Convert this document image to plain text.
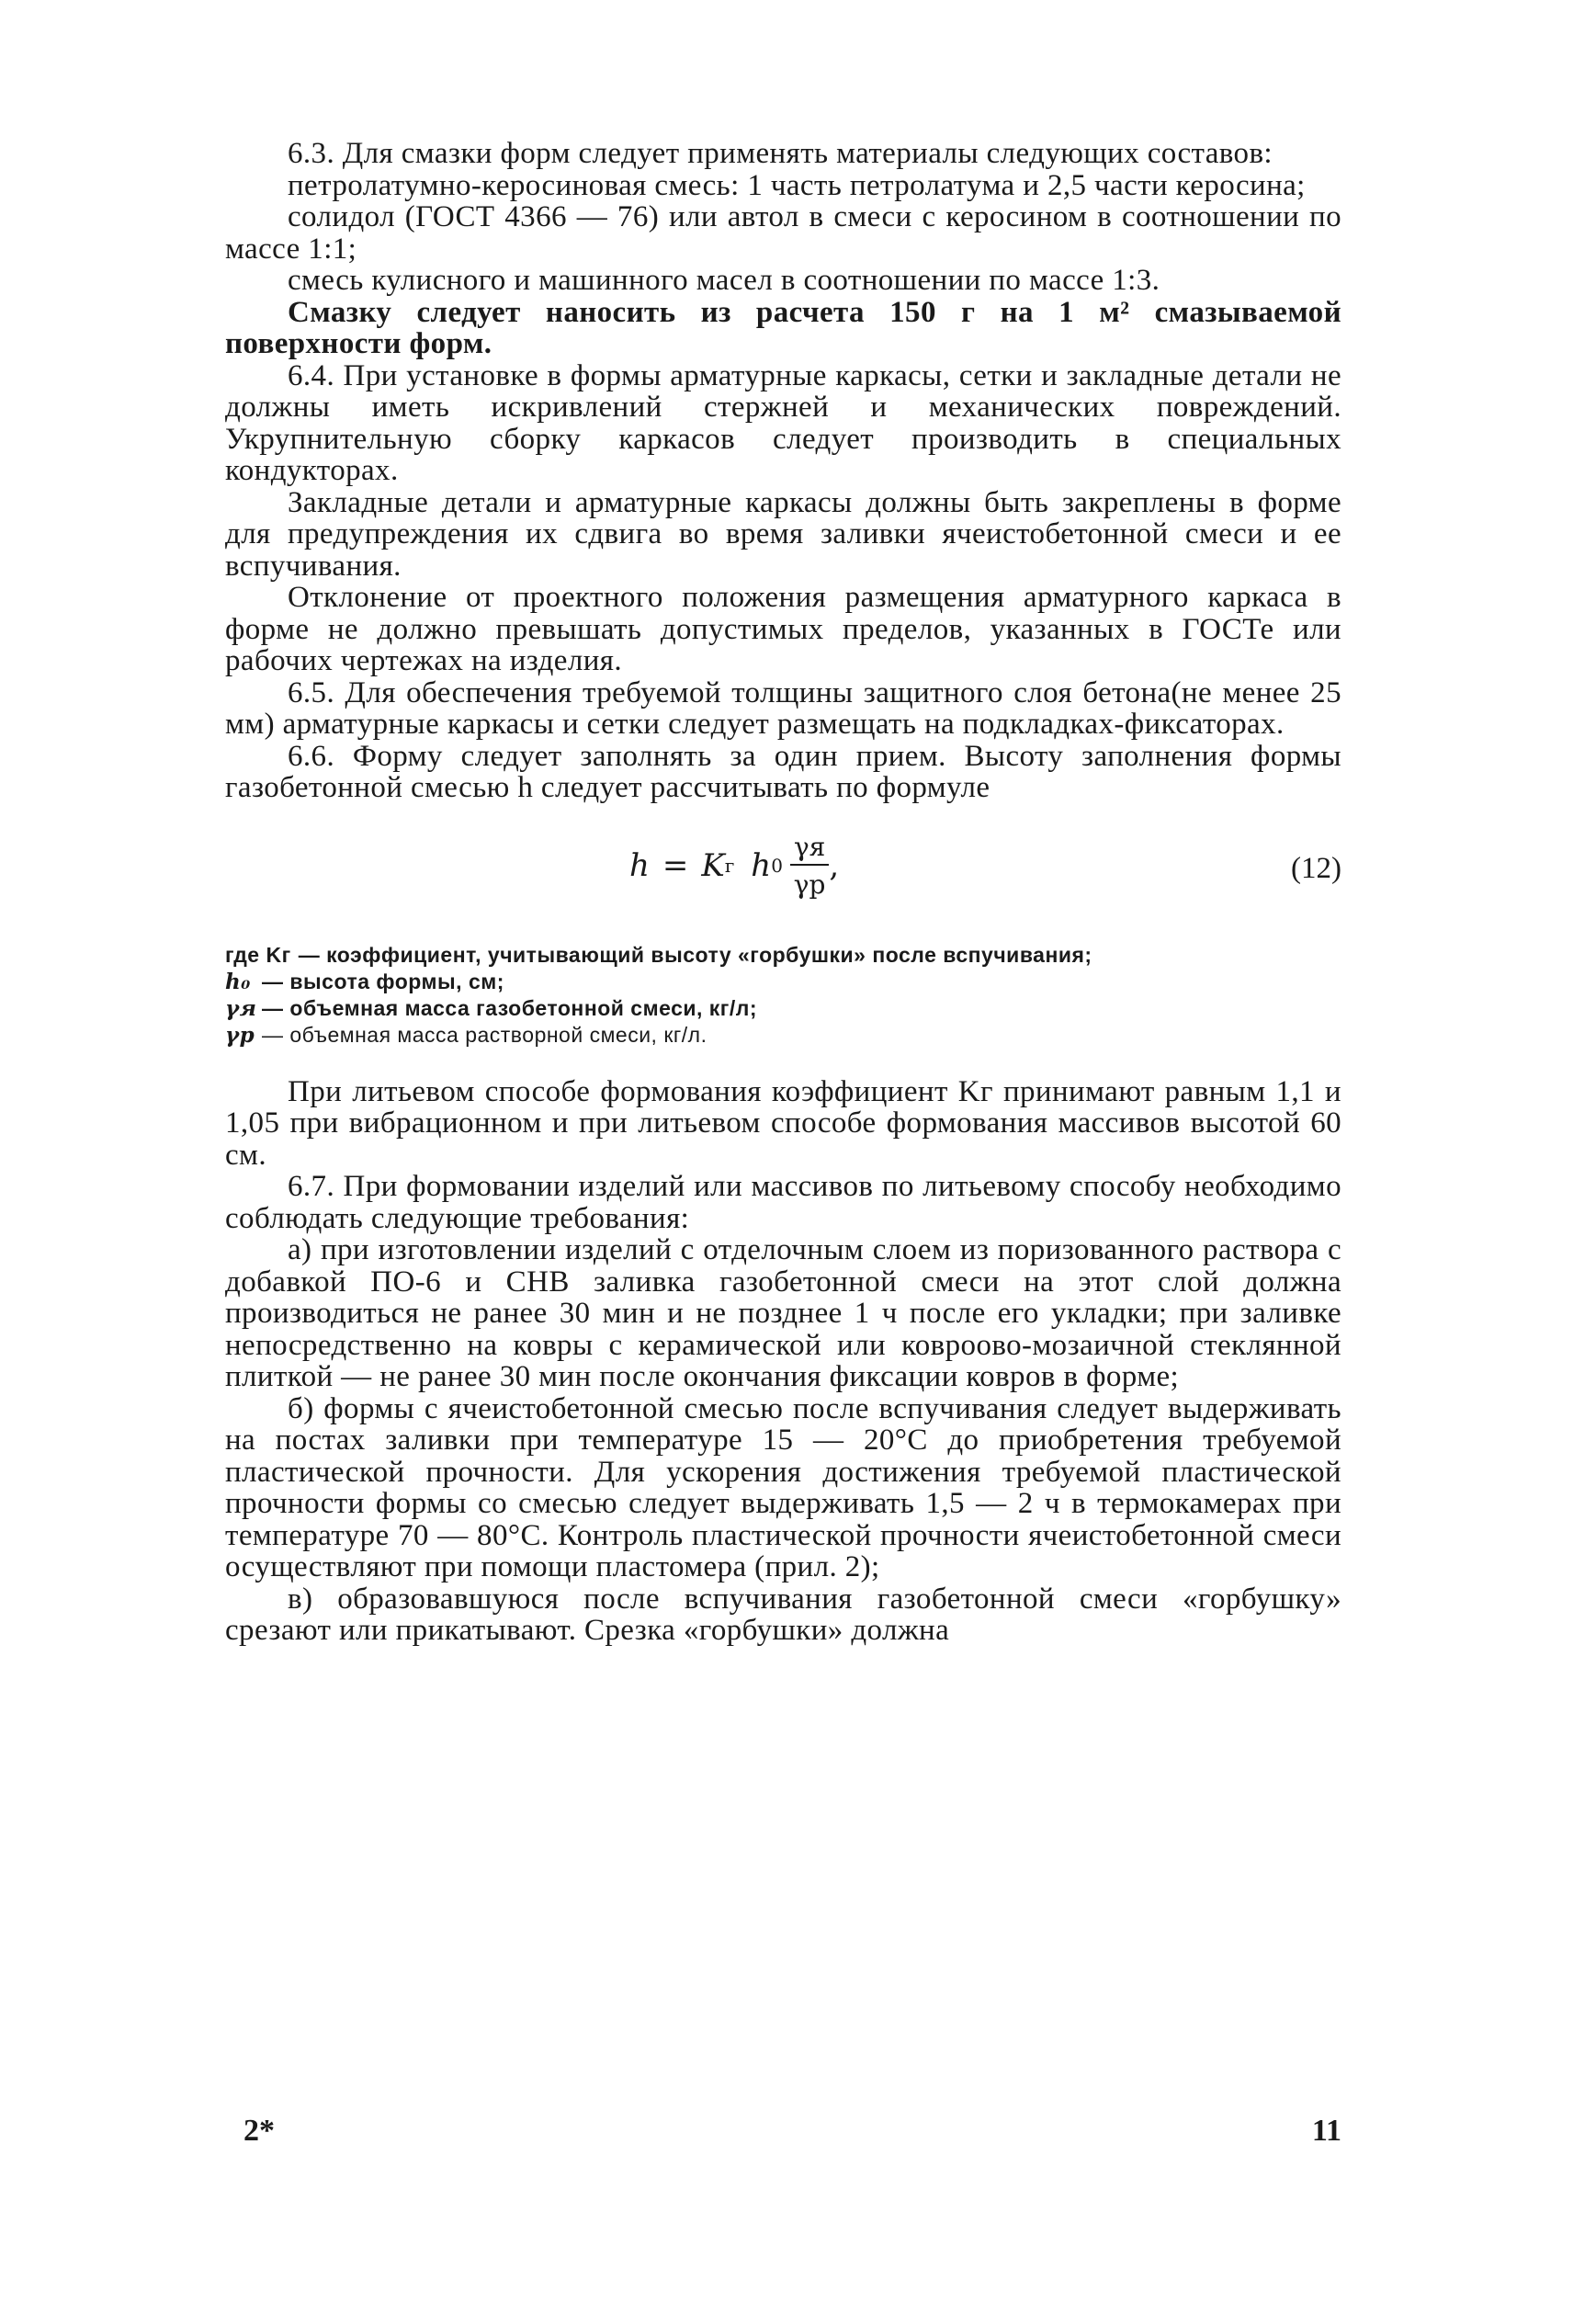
6.3. Для смазки форм следует применять материалы следующих составов:

петролатумно-керосиновая смесь: 1 часть петролатума и 2,5 части керосина;

солидол (ГОСТ 4366 — 76) или автол в смеси с керосином в соотношении по массе 1:1;

смесь кулисного и машинного масел в соотношении по массе 1:3.

Смазку следует наносить из расчета 150 г на 1 м² смазываемой поверхности форм.

6.4. При установке в формы арматурные каркасы, сетки и закладные детали не должны иметь искривлений стержней и механических повреждений. Укрупнительную сборку каркасов следует производить в специальных кондукторах.

Закладные детали и арматурные каркасы должны быть закреплены в форме для предупреждения их сдвига во время заливки ячеистобетонной смеси и ее вспучивания.

Отклонение от проектного положения размещения арматурного каркаса в форме не должно превышать допустимых пределов, указанных в ГОСТе или рабочих чертежах на изделия.

6.5. Для обеспечения требуемой толщины защитного слоя бетона(не менее 25 мм) арматурные каркасы и сетки следует размещать на подкладках-фиксаторах.

6.6. Форму следует заполнять за один прием. Высоту заполнения формы газобетонной смесью h следует рассчитывать по формуле

h = K г h $0 \frac{\gamma я}{\gamma р}$ ,	(12)
где Kг — коэффициент, учитывающий высоту «горбушки» после вспучивания;
h₀ — высота формы, см;
γя — объемная масса газобетонной смеси, кг/л;
γр — объемная масса растворной смеси, кг/л.

При литьевом способе формования коэффициент Kг принимают равным 1,1 и 1,05 при вибрационном и при литьевом способе формования массивов высотой 60 см.

6.7. При формовании изделий или массивов по литьевому способу необходимо соблюдать следующие требования:

а) при изготовлении изделий с отделочным слоем из поризованного раствора с добавкой ПО-6 и СНВ заливка газобетонной смеси на этот слой должна производиться не ранее 30 мин и не позднее 1 ч после его укладки; при заливке непосредственно на ковры с керамической или ковроово-мозаичной стеклянной плиткой — не ранее 30 мин после окончания фиксации ковров в форме;

б) формы с ячеистобетонной смесью после вспучивания следует выдерживать на постах заливки при температуре 15 — 20°С до приобретения требуемой пластической прочности. Для ускорения достижения требуемой пластической прочности формы со смесью следует выдерживать 1,5 — 2 ч в термокамерах при температуре 70 — 80°С. Контроль пластической прочности ячеистобетонной смеси осуществляют при помощи пластомера (прил. 2);

в) образовавшуюся после вспучивания газобетонной смеси «горбушку» срезают или прикатывают. Срезка «горбушки» должна

2*	11
